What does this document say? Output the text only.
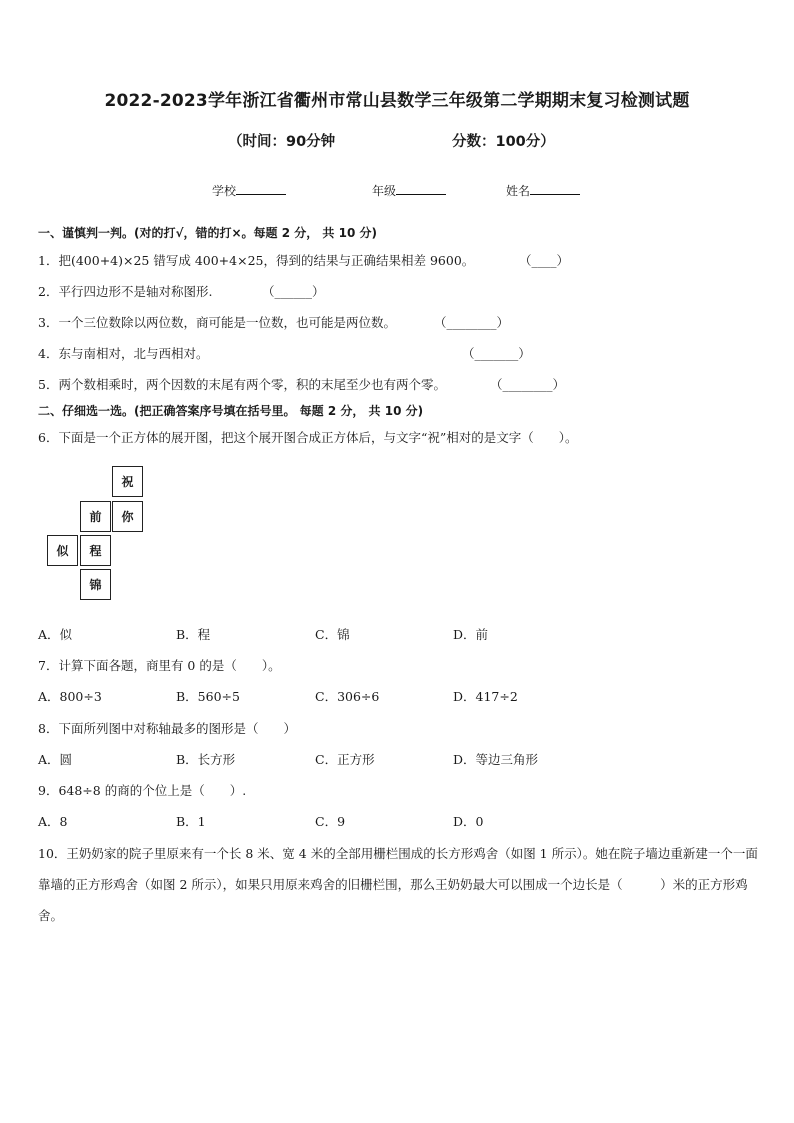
2022-2023学年浙江省衢州市常山县数学三年级第二学期期末复习检测试题
（时间：90分钟	分数：100分）
学校	年级	姓名
一、谨慎判一判。(对的打√，错的打×。每题 2 分， 共 10 分)
1．把(400+4)×25 错写成 400+4×25，得到的结果与正确结果相差 9600。	（____）
2．平行四边形不是轴对称图形.	（______）
3．一个三位数除以两位数，商可能是一位数，也可能是两位数。	（________）
4．东与南相对，北与西相对。	（_______）
5．两个数相乘时，两个因数的末尾有两个零，积的末尾至少也有两个零。	（________）
二、仔细选一选。(把正确答案序号填在括号里。 每题 2 分， 共 10 分)
6．下面是一个正方体的展开图，把这个展开图合成正方体后，与文字“祝”相对的是文字（　　）。
祝
前	你
似	程
锦
A．似	B．程	C．锦	D．前
7．计算下面各题，商里有 0 的是（　　）。
A．800÷3	B．560÷5	C．306÷6	D．417÷2
8．下面所列图中对称轴最多的图形是（　　）
A．圆	B．长方形	C．正方形	D．等边三角形
9．648÷8 的商的个位上是（　　）.
A．8	B．1	C．9	D．0
10．王奶奶家的院子里原来有一个长 8 米、宽 4 米的全部用栅栏围成的长方形鸡舍（如图 1 所示）。她在院子墙边重新建一个一面靠墙的正方形鸡舍（如图 2 所示），如果只用原来鸡舍的旧栅栏围，那么王奶奶最大可以围成一个边长是（　　　）米的正方形鸡舍。
